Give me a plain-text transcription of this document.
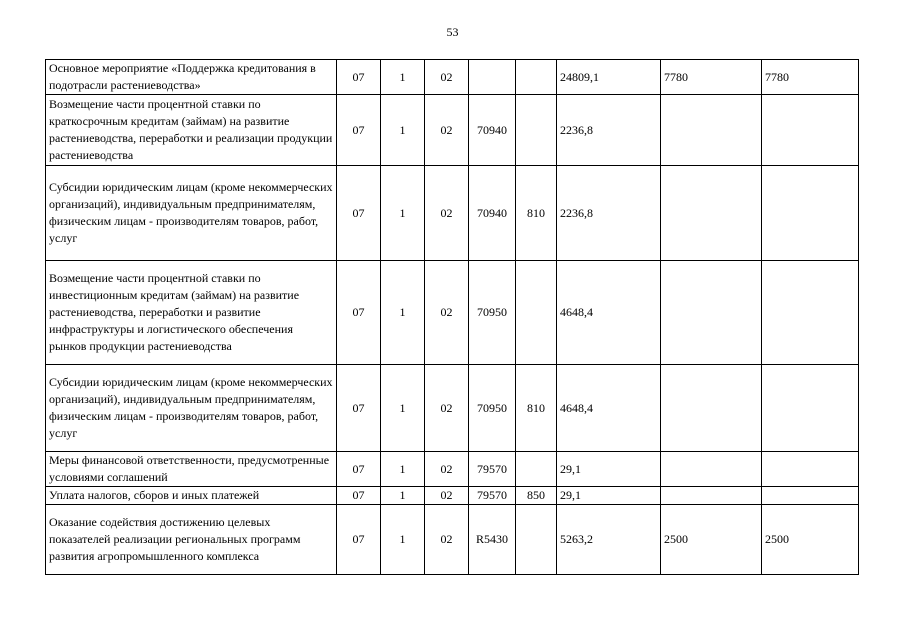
53
Основное мероприятие «Поддержка кредитования в подотрасли растениеводства»	07	1	02			24809,1	7780	7780
Возмещение части процентной ставки по краткосрочным кредитам (займам) на развитие растениеводства, переработки и реализации продукции растениеводства	07	1	02	70940		2236,8		
Субсидии юридическим лицам (кроме некоммерческих организаций), индивидуальным предпринимателям, физическим лицам - производителям товаров, работ, услуг	07	1	02	70940	810	2236,8		
Возмещение части процентной ставки по инвестиционным кредитам (займам) на развитие растениеводства, переработки и развитие инфраструктуры и логистического обеспечения рынков продукции растениеводства	07	1	02	70950		4648,4		
Субсидии юридическим лицам (кроме некоммерческих организаций), индивидуальным предпринимателям, физическим лицам - производителям товаров, работ, услуг	07	1	02	70950	810	4648,4		
Меры финансовой ответственности, предусмотренные условиями соглашений	07	1	02	79570		29,1		
Уплата налогов, сборов и иных платежей	07	1	02	79570	850	29,1		
Оказание содействия достижению целевых показателей реализации региональных программ развития агропромышленного комплекса	07	1	02	R5430		5263,2	2500	2500
